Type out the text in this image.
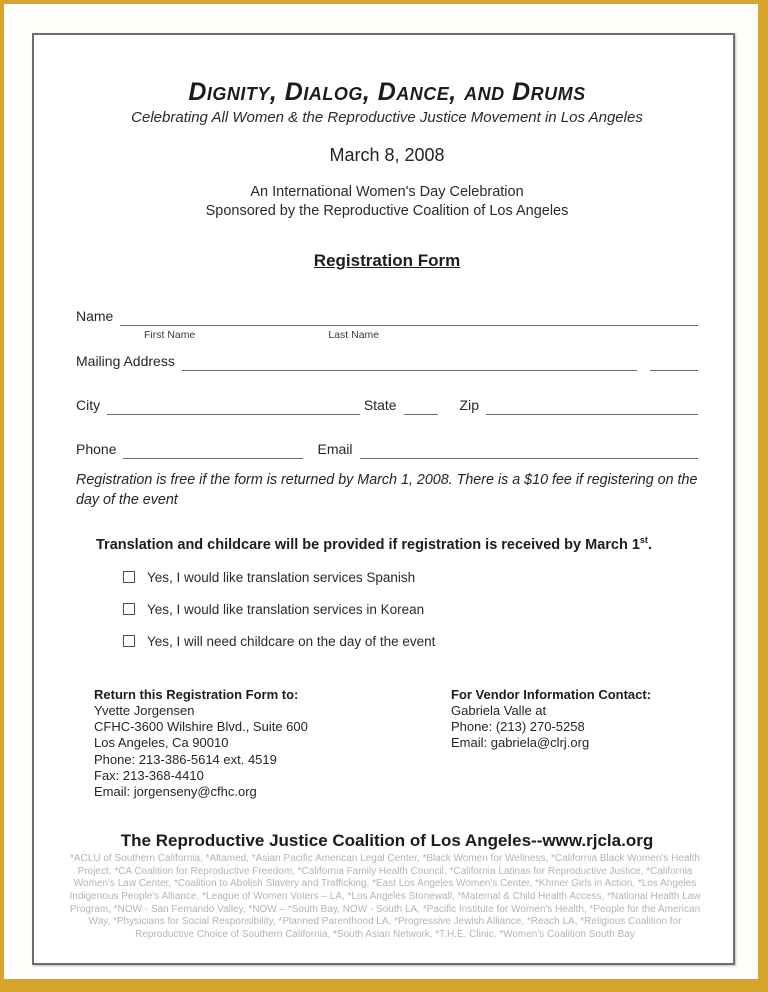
Dignity, Dialog, Dance, and Drums
Celebrating All Women & the Reproductive Justice Movement in Los Angeles
March 8, 2008
An International Women's Day Celebration
Sponsored by the Reproductive Coalition of Los Angeles
Registration Form
Name
First Name	Last Name
Mailing Address
City	State	Zip
Phone	Email

Registration is free if the form is returned by March 1, 2008. There is a $10 fee if registering on the day of the event

Translation and childcare will be provided if registration is received by March 1st.

Yes, I would like translation services Spanish
Yes, I would like translation services in Korean
Yes, I will need childcare on the day of the event
Return this Registration Form to:
Yvette Jorgensen
CFHC-3600 Wilshire Blvd., Suite 600
Los Angeles, Ca 90010
Phone: 213-386-5614 ext. 4519
Fax: 213-368-4410
Email: jorgenseny@cfhc.org
For Vendor Information Contact:
Gabriela Valle at
Phone: (213) 270-5258
Email: gabriela@clrj.org
The Reproductive Justice Coalition of Los Angeles--www.rjcla.org

*ACLU of Southern California, *Altamed, *Asian Pacific American Legal Center, *Black Women for Wellness, *California Black Women's Health Project, *CA Coalition for Reproductive Freedom, *California Family Health Council, *California Latinas for Reproductive Justice, *California Women's Law Center, *Coalition to Abolish Slavery and Trafficking, *East Los Angeles Women's Center, *Khmer Girls in Action, *Los Angeles Indigenous People's Alliance, *League of Women Voters – LA, *Los Angeles Stonewall, *Maternal & Child Health Access, *National Health Law Program, *NOW - San Fernando Valley, *NOW – *South Bay, NOW - South LA, *Pacific Institute for Women's Health, *People for the American Way, *Physicians for Social Responsibility, *Planned Parenthood LA, *Progressive Jewish Alliance, *Reach LA, *Religious Coalition for Reproductive Choice of Southern California, *South Asian Network, *T.H.E. Clinic, *Women's Coalition South Bay
